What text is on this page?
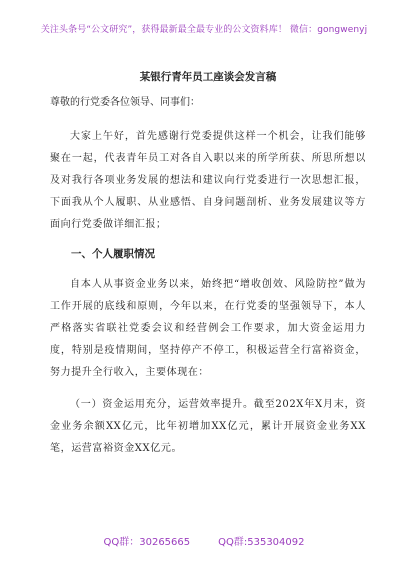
关注头条号“公文研究”，获得最新最全最专业的公文资料库！ 微信：gongwenyj
某银行青年员工座谈会发言稿
尊敬的行党委各位领导、同事们：

大家上午好，首先感谢行党委提供这样一个机会，让我们能够聚在一起，代表青年员工对各自入职以来的所学所获、所思所想以及对我行各项业务发展的想法和建议向行党委进行一次思想汇报，下面我从个人履职、从业感悟、自身问题剖析、业务发展建议等方面向行党委做详细汇报；

一、个人履职情况

自本人从事资金业务以来，始终把“增收创效、风险防控”做为工作开展的底线和原则，今年以来，在行党委的坚强领导下，本人严格落实省联社党委会议和经营例会工作要求，加大资金运用力度，特别是疫情期间，坚持停产不停工，积极运营全行富裕资金，努力提升全行收入，主要体现在：

（一）资金运用充分，运营效率提升。截至202X年X月末，资金业务余额XX亿元，比年初增加XX亿元，累计开展资金业务XX笔，运营富裕资金XX亿元。

QQ群：30265665	QQ群:535304092
